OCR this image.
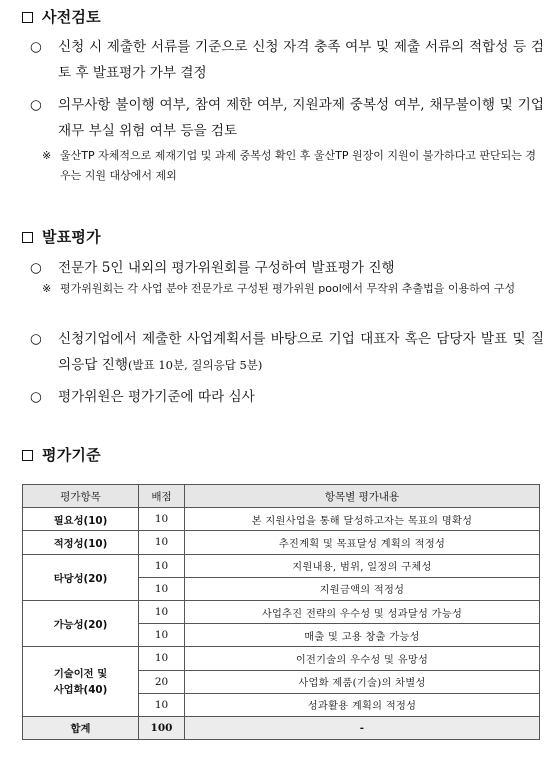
사전검토
○	신청 시 제출한 서류를 기준으로 신청 자격 충족 여부 및 제출 서류의 적합성 등 검토 후 발표평가 가부 결정
○	의무사항 불이행 여부, 참여 제한 여부, 지원과제 중복성 여부, 채무불이행 및 기업 재무 부실 위험 여부 등을 검토
※ 울산TP 자체적으로 제재기업 및 과제 중복성 확인 후 울산TP 원장이 지원이 불가하다고 판단되는 경우는 지원 대상에서 제외
발표평가
○	전문가 5인 내외의 평가위원회를 구성하여 발표평가 진행
※ 평가위원회는 각 사업 분야 전문가로 구성된 평가위원 pool에서 무작위 추출법을 이용하여 구성
○	신청기업에서 제출한 사업계획서를 바탕으로 기업 대표자 혹은 담당자 발표 및 질의응답 진행(발표 10분, 질의응답 5분)
○	평가위원은 평가기준에 따라 심사
평가기준
평가항목	배점	항목별 평가내용
필요성(10)	10	본 지원사업을 통해 달성하고자는 목표의 명확성
적정성(10)	10	추진계획 및 목표달성 계획의 적정성
타당성(20)	10	지원내용, 범위, 일정의 구체성
	10	지원금액의 적정성
가능성(20)	10	사업추진 전략의 우수성 및 성과달성 가능성
	10	매출 및 고용 창출 가능성
기술이전 및
사업화(40)	10	이전기술의 우수성 및 유망성
	20	사업화 제품(기술)의 차별성
	10	성과활용 계획의 적정성
합계	100	-
